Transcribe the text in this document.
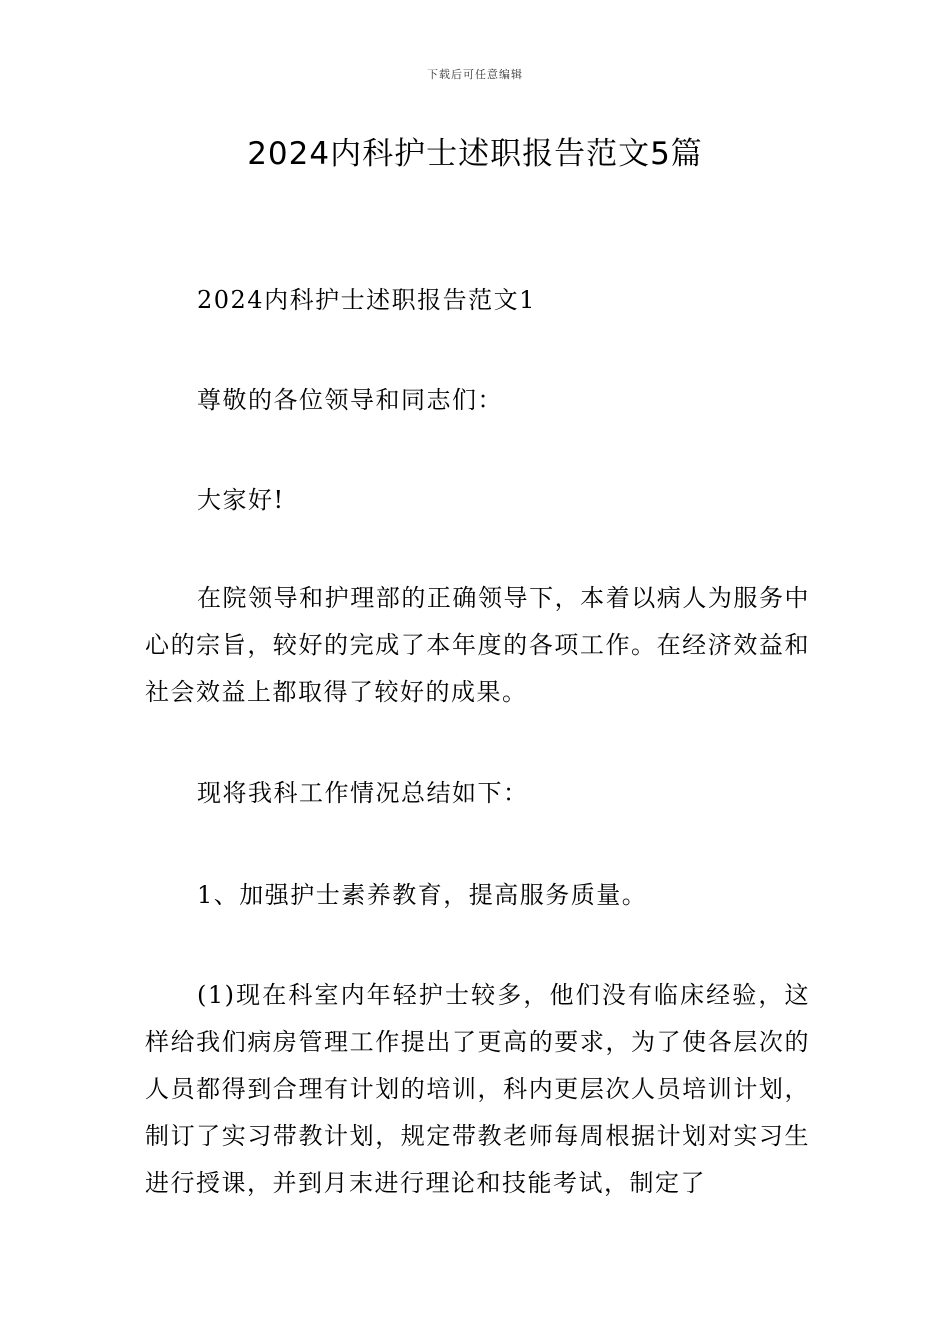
下载后可任意编辑
2024内科护士述职报告范文5篇

2024内科护士述职报告范文1

尊敬的各位领导和同志们：

大家好!

在院领导和护理部的正确领导下，本着以病人为服务中心的宗旨，较好的完成了本年度的各项工作。在经济效益和社会效益上都取得了较好的成果。

现将我科工作情况总结如下：

1、加强护士素养教育，提高服务质量。

(1)现在科室内年轻护士较多，他们没有临床经验，这样给我们病房管理工作提出了更高的要求，为了使各层次的人员都得到合理有计划的培训，科内更层次人员培训计划，制订了实习带教计划，规定带教老师每周根据计划对实习生进行授课，并到月末进行理论和技能考试，制定了
